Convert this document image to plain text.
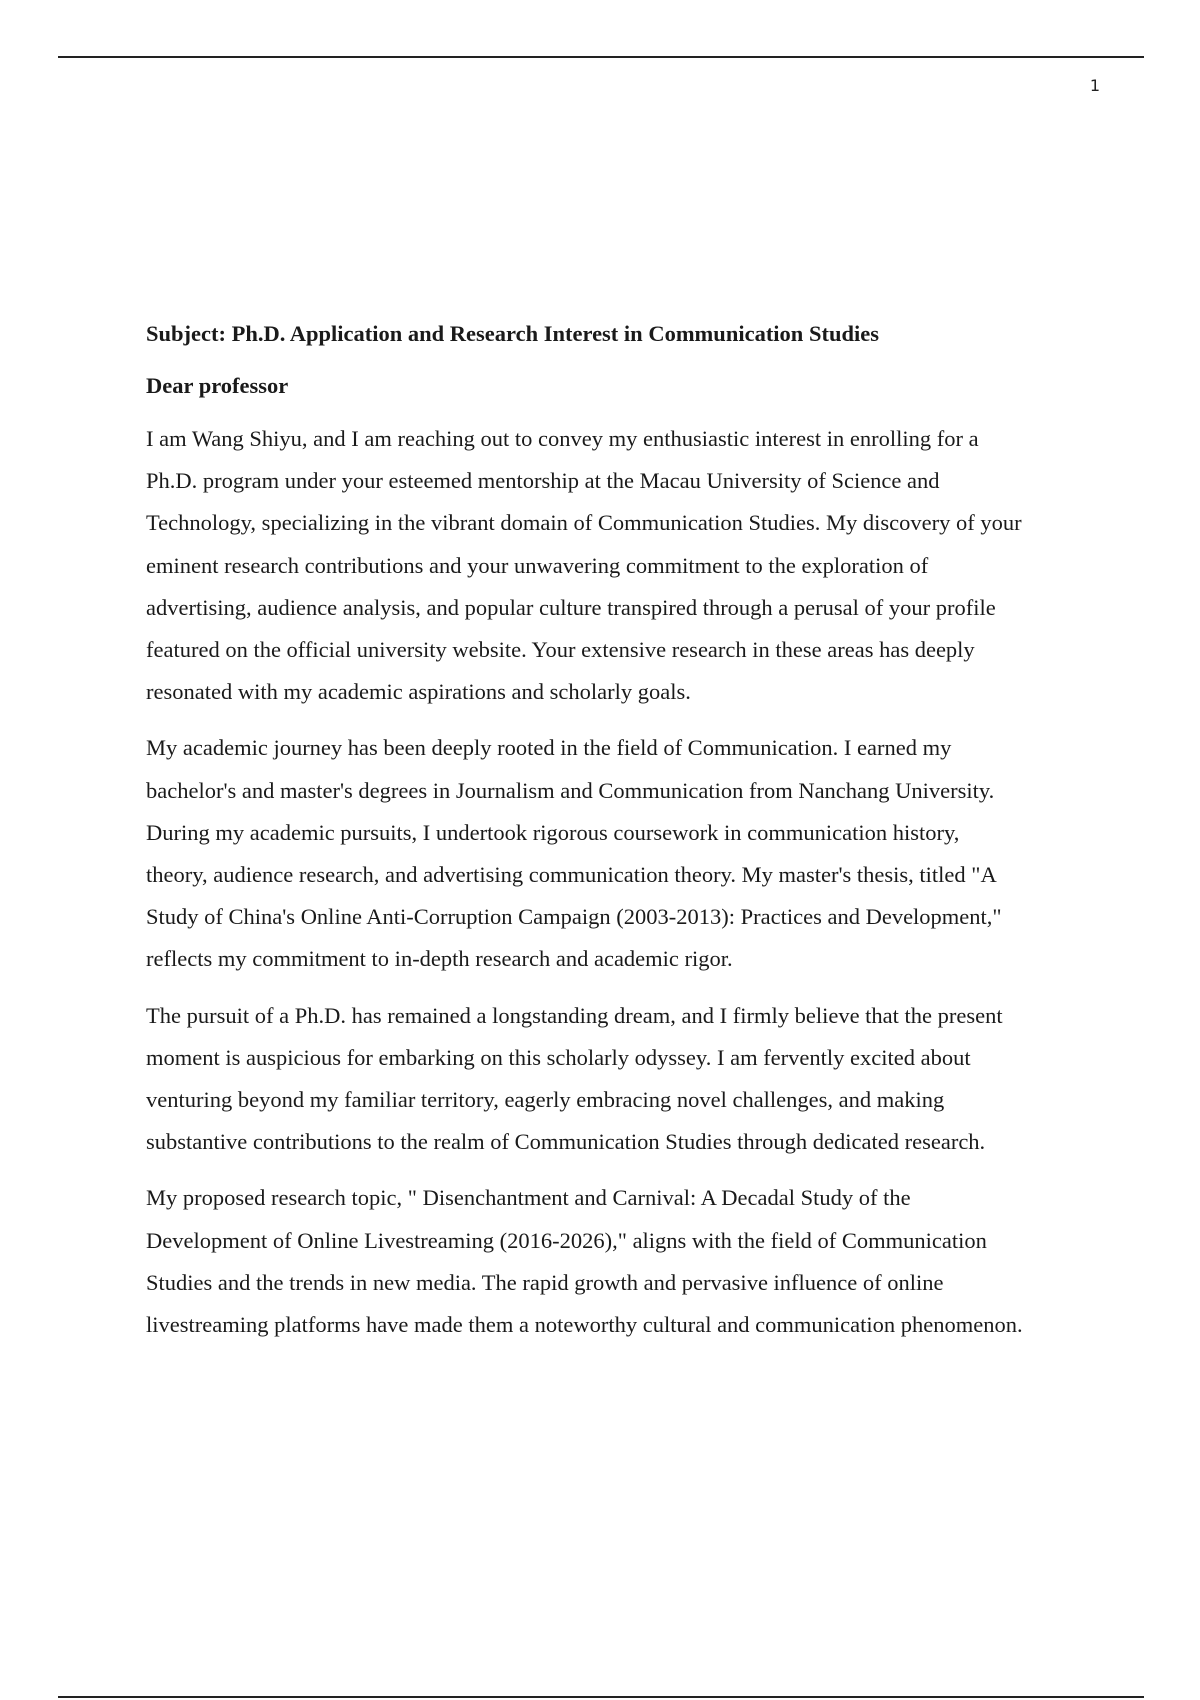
1
Subject: Ph.D. Application and Research Interest in Communication Studies
Dear professor
I am Wang Shiyu, and I am reaching out to convey my enthusiastic interest in enrolling for a
Ph.D. program under your esteemed mentorship at the Macau University of Science and
Technology, specializing in the vibrant domain of Communication Studies. My discovery of your
eminent research contributions and your unwavering commitment to the exploration of
advertising, audience analysis, and popular culture transpired through a perusal of your profile
featured on the official university website. Your extensive research in these areas has deeply
resonated with my academic aspirations and scholarly goals.
My academic journey has been deeply rooted in the field of Communication. I earned my
bachelor's and master's degrees in Journalism and Communication from Nanchang University.
During my academic pursuits, I undertook rigorous coursework in communication history,
theory, audience research, and advertising communication theory. My master's thesis, titled "A
Study of China's Online Anti-Corruption Campaign (2003-2013): Practices and Development,"
reflects my commitment to in-depth research and academic rigor.
The pursuit of a Ph.D. has remained a longstanding dream, and I firmly believe that the present
moment is auspicious for embarking on this scholarly odyssey. I am fervently excited about
venturing beyond my familiar territory, eagerly embracing novel challenges, and making
substantive contributions to the realm of Communication Studies through dedicated research.
My proposed research topic, " Disenchantment and Carnival: A Decadal Study of the
Development of Online Livestreaming (2016-2026)," aligns with the field of Communication
Studies and the trends in new media. The rapid growth and pervasive influence of online
livestreaming platforms have made them a noteworthy cultural and communication phenomenon.
